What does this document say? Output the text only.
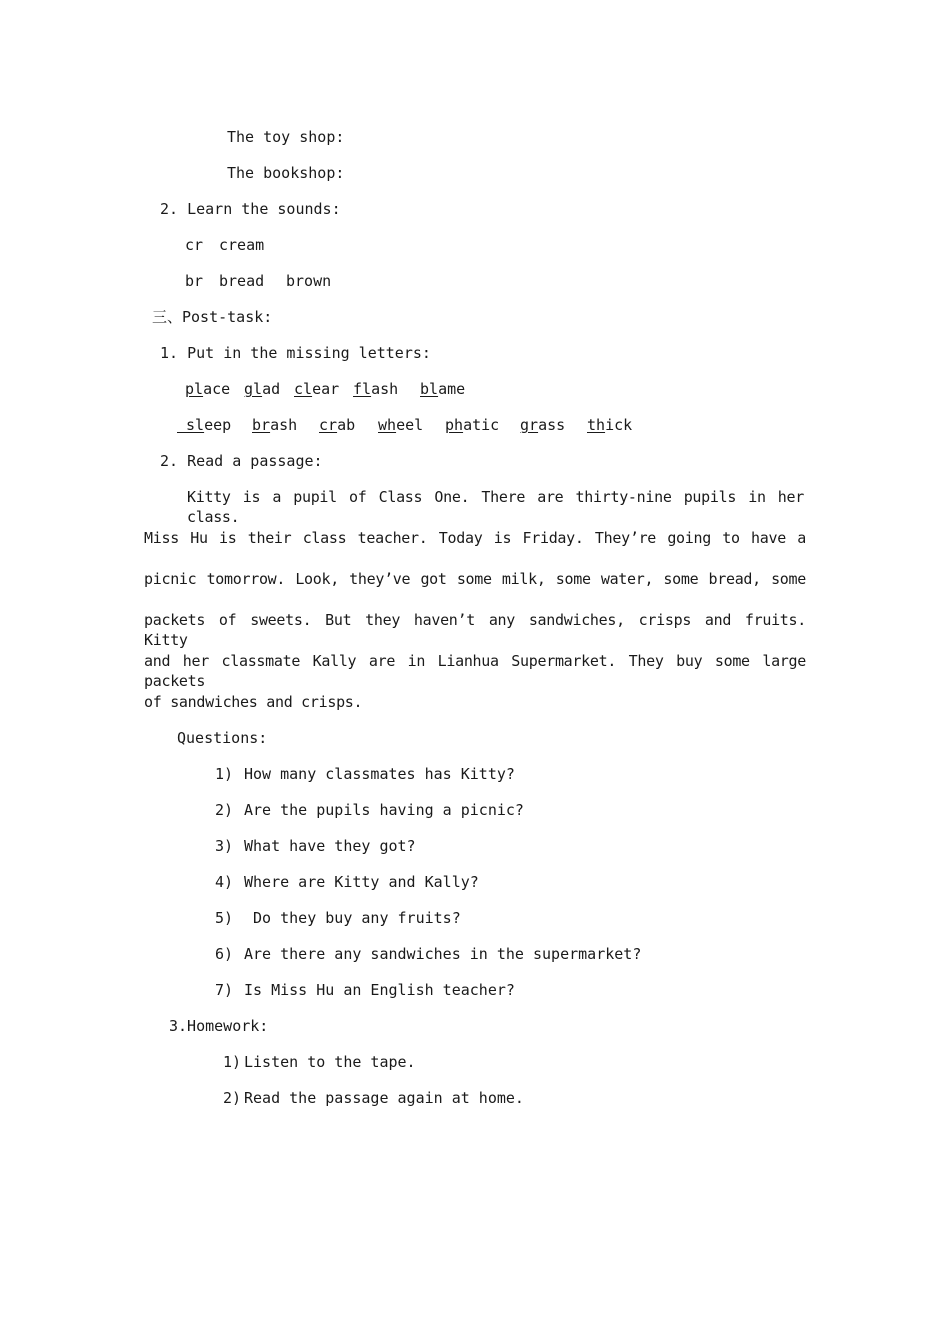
The toy shop:
The bookshop:
2. Learn the sounds:
cr cream
br bread brown
三、Post-task:
1. Put in the missing letters:
place glad clear flash blame
sleep brash crab wheel phatic grass thick
2. Read a passage:
Kitty is a pupil of Class One. There are thirty-nine pupils in her class.
Miss Hu is their class teacher. Today is Friday. They’re going to have a
picnic tomorrow. Look, they’ve got some milk, some water, some bread, some
packets of sweets. But they haven’t any sandwiches, crisps and fruits. Kitty
and her classmate Kally are in Lianhua Supermarket. They buy some large packets
of sandwiches and crisps.
Questions:
1) How many classmates has Kitty?
2) Are the pupils having a picnic?
3) What have they got?
4) Where are Kitty and Kally?
5) Do they buy any fruits?
6) Are there any sandwiches in the supermarket?
7) Is Miss Hu an English teacher?
3.Homework:
1) Listen to the tape.
2) Read the passage again at home.
